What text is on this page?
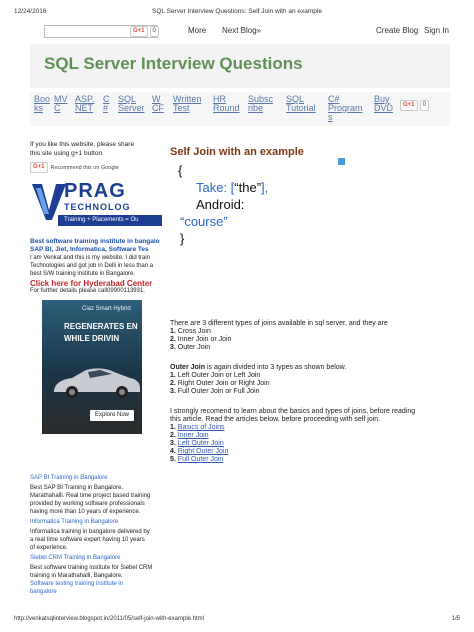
12/24/2016	SQL Server Interview Questions: Self Join with an example
G+1	0	More Next Blog»	Create Blog Sign In
SQL Server Interview Questions
Boo
ks
MV
C
ASP.
NET
C
#
SQL
Server
W
CF
Written
Test
HR
Round
Subsc
ribe
SQL
Tutorial
C#
Program
s
Buy
DVD	G+1	0
If you like this website, please share
this site using g+1 button
G+1	Recommend this on Google
PRAG
TECHNOLOG
Training + Placements = Ou
Best software training institute in bangalo
SAP BI, Jiet, Informatica, Software Tes
I am Venkat and this is my website. I did train
Technologies and got job in Delli in less than a
best S/W training institute in Bangalore.
Click here for Hyderabad Center
For further details please call09900113931.
Ciaz Smart Hybrid
REGENERATES EN
WHILE DRIVIN
Explore Now
SAP BI Training in Bangalore
Best SAP BI Training in Bangalore,
Marathahalli. Real time project based training
provided by working software professionals
having more than 10 years of experience.
Informatica Training in Bangalore
Informatica training in bangalore delivered by
a real time software expert having 10 years
of experience.
Siebel CRM Training in Bangalore
Best software training institute for Siebel CRM
training in Marathahalli, Bangalore.
Software testing training institute in
bangalore
Self Join with an example
{
Take: [“the”],
Android:
“course”
}
There are 3 different types of joins available in sql server, and they are
1. Cross Join
2. Inner Join or Join
3. Outer Join
Outer Join is again divided into 3 types as shown below.
1. Left Outer Join or Left Join
2. Right Outer Join or Right Join
3. Full Outer Join or Full Join
I strongly recomend to learn about the basics and types of joins, before reading
this article. Read the articles below, before proceeding with self join.
1. Basics of Joins
2. Inner Join
3. Left Outer Join
4. Right Outer Join
5. Full Outer Join
http://venkatsqlinterview.blogspot.in/2011/05/self-join-with-example.html	1/5
